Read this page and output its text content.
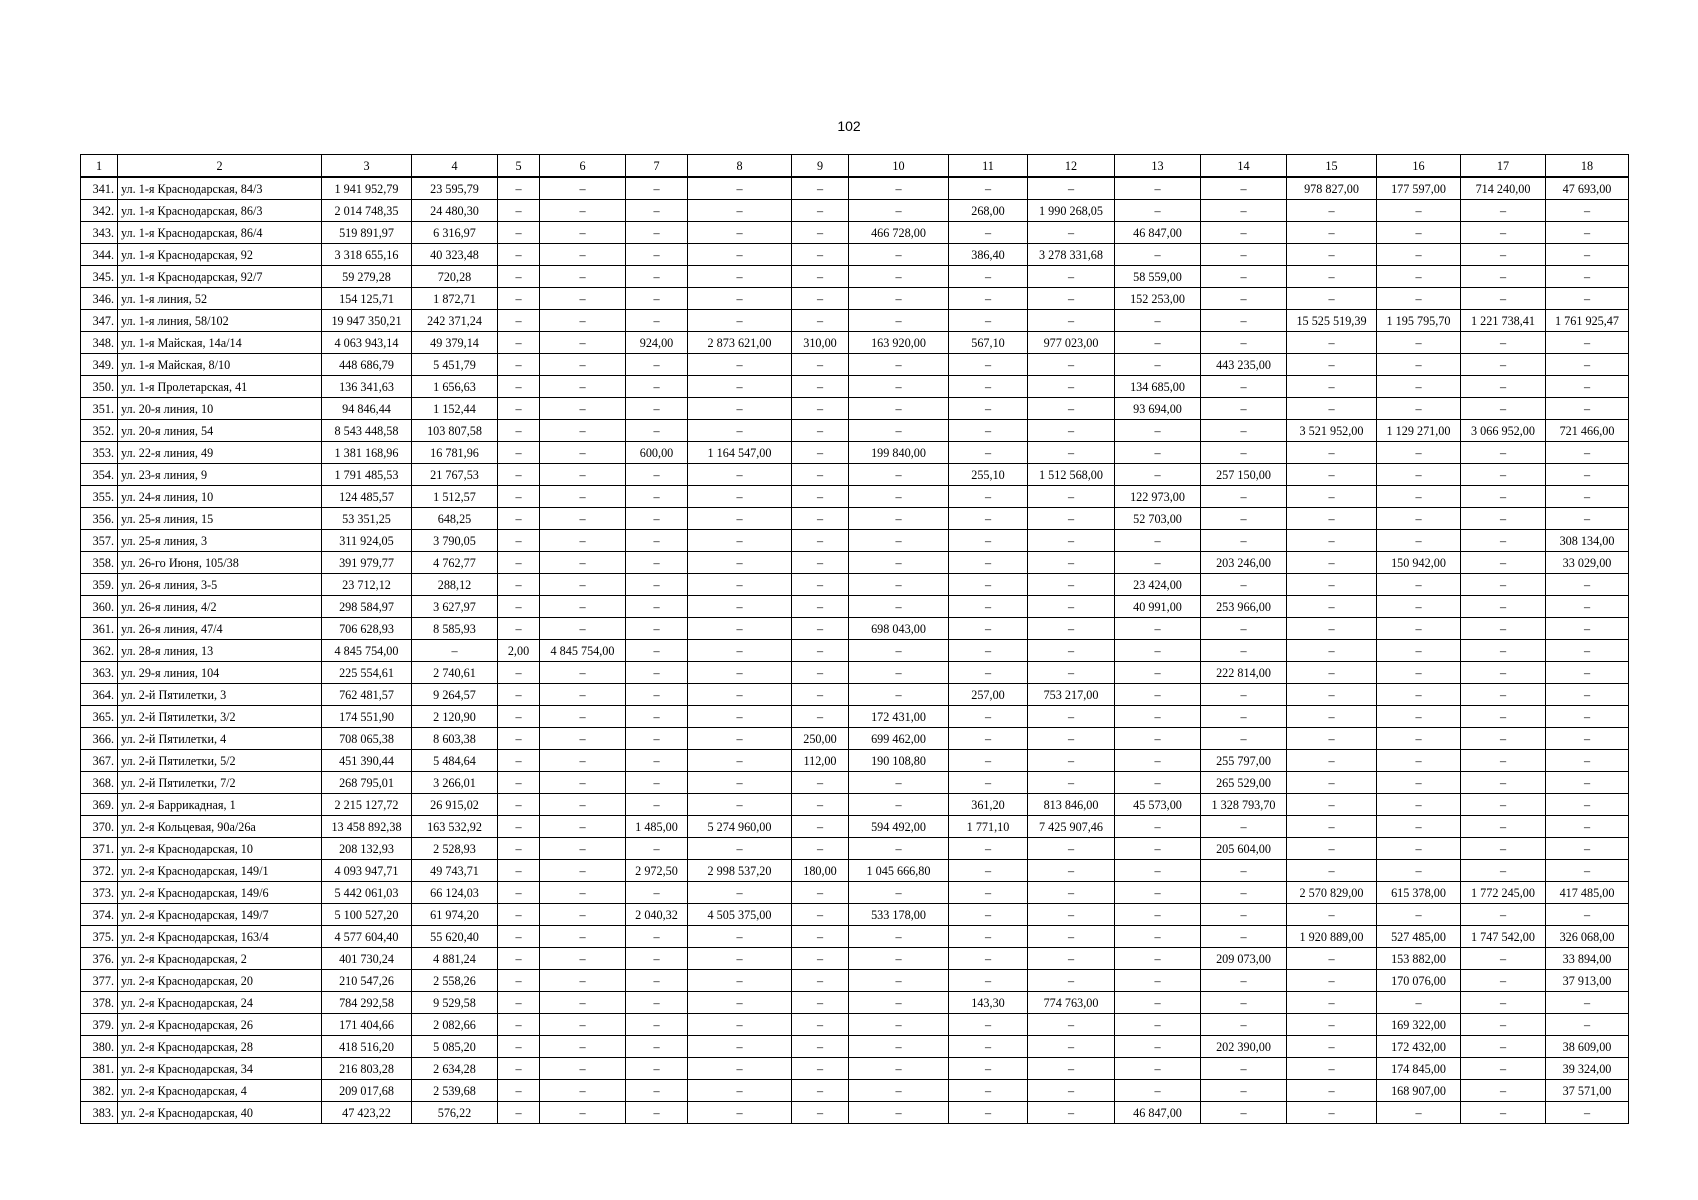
102
1	2	3	4	5	6	7	8	9	10	11	12	13	14	15	16	17	18
341.	ул. 1-я Краснодарская, 84/3	1 941 952,79	23 595,79	–	–	–	–	–	–	–	–	–	–	978 827,00	177 597,00	714 240,00	47 693,00
342.	ул. 1-я Краснодарская, 86/3	2 014 748,35	24 480,30	–	–	–	–	–	–	268,00	1 990 268,05	–	–	–	–	–	–
343.	ул. 1-я Краснодарская, 86/4	519 891,97	6 316,97	–	–	–	–	–	466 728,00	–	–	46 847,00	–	–	–	–	–
344.	ул. 1-я Краснодарская, 92	3 318 655,16	40 323,48	–	–	–	–	–	–	386,40	3 278 331,68	–	–	–	–	–	–
345.	ул. 1-я Краснодарская, 92/7	59 279,28	720,28	–	–	–	–	–	–	–	–	58 559,00	–	–	–	–	–
346.	ул. 1-я линия, 52	154 125,71	1 872,71	–	–	–	–	–	–	–	–	152 253,00	–	–	–	–	–
347.	ул. 1-я линия, 58/102	19 947 350,21	242 371,24	–	–	–	–	–	–	–	–	–	–	15 525 519,39	1 195 795,70	1 221 738,41	1 761 925,47
348.	ул. 1-я Майская, 14а/14	4 063 943,14	49 379,14	–	–	924,00	2 873 621,00	310,00	163 920,00	567,10	977 023,00	–	–	–	–	–	–
349.	ул. 1-я Майская, 8/10	448 686,79	5 451,79	–	–	–	–	–	–	–	–	–	443 235,00	–	–	–	–
350.	ул. 1-я Пролетарская, 41	136 341,63	1 656,63	–	–	–	–	–	–	–	–	134 685,00	–	–	–	–	–
351.	ул. 20-я линия, 10	94 846,44	1 152,44	–	–	–	–	–	–	–	–	93 694,00	–	–	–	–	–
352.	ул. 20-я линия, 54	8 543 448,58	103 807,58	–	–	–	–	–	–	–	–	–	–	3 521 952,00	1 129 271,00	3 066 952,00	721 466,00
353.	ул. 22-я линия, 49	1 381 168,96	16 781,96	–	–	600,00	1 164 547,00	–	199 840,00	–	–	–	–	–	–	–	–
354.	ул. 23-я линия, 9	1 791 485,53	21 767,53	–	–	–	–	–	–	255,10	1 512 568,00	–	257 150,00	–	–	–	–
355.	ул. 24-я линия, 10	124 485,57	1 512,57	–	–	–	–	–	–	–	–	122 973,00	–	–	–	–	–
356.	ул. 25-я линия, 15	53 351,25	648,25	–	–	–	–	–	–	–	–	52 703,00	–	–	–	–	–
357.	ул. 25-я линия, 3	311 924,05	3 790,05	–	–	–	–	–	–	–	–	–	–	–	–	–	308 134,00
358.	ул. 26-го Июня, 105/38	391 979,77	4 762,77	–	–	–	–	–	–	–	–	–	203 246,00	–	150 942,00	–	33 029,00
359.	ул. 26-я линия, 3-5	23 712,12	288,12	–	–	–	–	–	–	–	–	23 424,00	–	–	–	–	–
360.	ул. 26-я линия, 4/2	298 584,97	3 627,97	–	–	–	–	–	–	–	–	40 991,00	253 966,00	–	–	–	–
361.	ул. 26-я линия, 47/4	706 628,93	8 585,93	–	–	–	–	–	698 043,00	–	–	–	–	–	–	–	–
362.	ул. 28-я линия, 13	4 845 754,00	–	2,00	4 845 754,00	–	–	–	–	–	–	–	–	–	–	–	–
363.	ул. 29-я линия, 104	225 554,61	2 740,61	–	–	–	–	–	–	–	–	–	222 814,00	–	–	–	–
364.	ул. 2-й Пятилетки, 3	762 481,57	9 264,57	–	–	–	–	–	–	257,00	753 217,00	–	–	–	–	–	–
365.	ул. 2-й Пятилетки, 3/2	174 551,90	2 120,90	–	–	–	–	–	172 431,00	–	–	–	–	–	–	–	–
366.	ул. 2-й Пятилетки, 4	708 065,38	8 603,38	–	–	–	–	250,00	699 462,00	–	–	–	–	–	–	–	–
367.	ул. 2-й Пятилетки, 5/2	451 390,44	5 484,64	–	–	–	–	112,00	190 108,80	–	–	–	255 797,00	–	–	–	–
368.	ул. 2-й Пятилетки, 7/2	268 795,01	3 266,01	–	–	–	–	–	–	–	–	–	265 529,00	–	–	–	–
369.	ул. 2-я Баррикадная, 1	2 215 127,72	26 915,02	–	–	–	–	–	–	361,20	813 846,00	45 573,00	1 328 793,70	–	–	–	–
370.	ул. 2-я Кольцевая, 90а/26а	13 458 892,38	163 532,92	–	–	1 485,00	5 274 960,00	–	594 492,00	1 771,10	7 425 907,46	–	–	–	–	–	–
371.	ул. 2-я Краснодарская, 10	208 132,93	2 528,93	–	–	–	–	–	–	–	–	–	205 604,00	–	–	–	–
372.	ул. 2-я Краснодарская, 149/1	4 093 947,71	49 743,71	–	–	2 972,50	2 998 537,20	180,00	1 045 666,80	–	–	–	–	–	–	–	–
373.	ул. 2-я Краснодарская, 149/6	5 442 061,03	66 124,03	–	–	–	–	–	–	–	–	–	–	2 570 829,00	615 378,00	1 772 245,00	417 485,00
374.	ул. 2-я Краснодарская, 149/7	5 100 527,20	61 974,20	–	–	2 040,32	4 505 375,00	–	533 178,00	–	–	–	–	–	–	–	–
375.	ул. 2-я Краснодарская, 163/4	4 577 604,40	55 620,40	–	–	–	–	–	–	–	–	–	–	1 920 889,00	527 485,00	1 747 542,00	326 068,00
376.	ул. 2-я Краснодарская, 2	401 730,24	4 881,24	–	–	–	–	–	–	–	–	–	209 073,00	–	153 882,00	–	33 894,00
377.	ул. 2-я Краснодарская, 20	210 547,26	2 558,26	–	–	–	–	–	–	–	–	–	–	–	170 076,00	–	37 913,00
378.	ул. 2-я Краснодарская, 24	784 292,58	9 529,58	–	–	–	–	–	–	143,30	774 763,00	–	–	–	–	–	–
379.	ул. 2-я Краснодарская, 26	171 404,66	2 082,66	–	–	–	–	–	–	–	–	–	–	–	169 322,00	–	–
380.	ул. 2-я Краснодарская, 28	418 516,20	5 085,20	–	–	–	–	–	–	–	–	–	202 390,00	–	172 432,00	–	38 609,00
381.	ул. 2-я Краснодарская, 34	216 803,28	2 634,28	–	–	–	–	–	–	–	–	–	–	–	174 845,00	–	39 324,00
382.	ул. 2-я Краснодарская, 4	209 017,68	2 539,68	–	–	–	–	–	–	–	–	–	–	–	168 907,00	–	37 571,00
383.	ул. 2-я Краснодарская, 40	47 423,22	576,22	–	–	–	–	–	–	–	–	46 847,00	–	–	–	–	–
